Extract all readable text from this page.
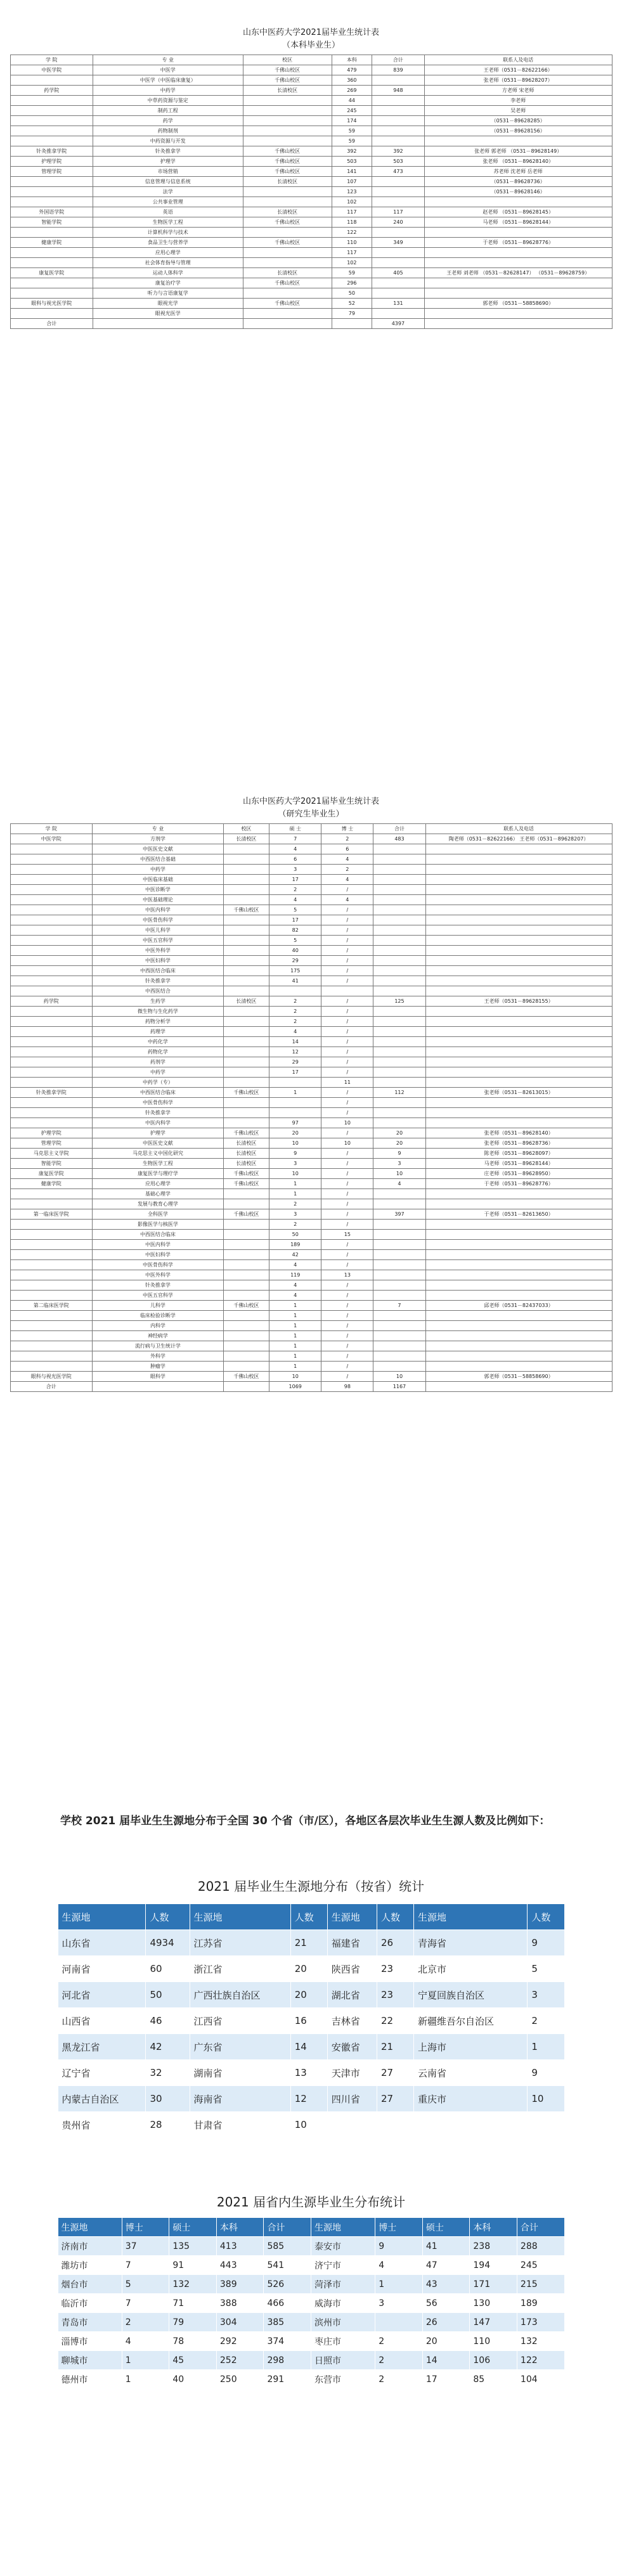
山东中医药大学2021届毕业生统计表
（本科毕业生）
学 院	专 业	校区	本科	合计	联系人及电话
中医学院	中医学	千佛山校区	479	839	王老师（0531－82622166）
	中医学（中医临床康复）	千佛山校区	360		张老师（0531－89628207）
药学院	中药学	长清校区	269	948	方老师 宋老师
	中草药资源与鉴定		44		李老师
	制药工程		245		吴老师
	药学		174		（0531－89628285）
	药物制剂		59		（0531－89628156）
	中药资源与开发		59		
针灸推拿学院	针灸推拿学	千佛山校区	392	392	张老师 郭老师 （0531－89628149）
护理学院	护理学	千佛山校区	503	503	张老师 （0531－89628140）
管理学院	市场营销	千佛山校区	141	473	苏老师 沈老师 岳老师
	信息管理与信息系统	长清校区	107		（0531－89628736）
	法学		123		（0531－89628146）
	公共事业管理		102		
外国语学院	英语	长清校区	117	117	赵老师 （0531－89628145）
智能学院	生物医学工程	千佛山校区	118	240	马老师 （0531－89628144）
	计算机科学与技术		122		
健康学院	食品卫生与营养学	千佛山校区	110	349	于老师 （0531－89628776）
	应用心理学		117		
	社会体育指导与管理		102		
康复医学院	运动人体科学	长清校区	59	405	王老师 刘老师 （0531－82628147） （0531－89628759）
	康复治疗学	千佛山校区	296		
	听力与言语康复学		50		
眼科与视光医学院	眼视光学	千佛山校区	52	131	郭老师 （0531－58858690）
	眼视光医学		79		
合计				4397	
山东中医药大学2021届毕业生统计表
（研究生毕业生）
学 院	专 业	校区	硕 士	博 士	合计	联系人及电话
中医学院	方剂学	长清校区	7	2	483	陶老师（0531－82622166） 王老师（0531－89628207）
	中医医史文献		4	6		
	中西医结合基础		6	4		
	中药学		3	2		
	中医临床基础		17	4		
	中医诊断学		2	/		
	中医基础理论		4	4		
	中医内科学	千佛山校区	5	/		
	中医骨伤科学		17	/		
	中医儿科学		82	/		
	中医五官科学		5	/		
	中医外科学		40	/		
	中医妇科学		29	/		
	中西医结合临床		175	/		
	针灸推拿学		41	/		
	中西医结合					
药学院	生药学	长清校区	2	/	125	王老师（0531－89628155）
	微生物与生化药学		2	/		
	药物分析学		2	/		
	药理学		4	/		
	中药化学		14	/		
	药物化学		12	/		
	药剂学		29	/		
	中药学		17	/		
	中药学（专）			11		
针灸推拿学院	中西医结合临床	千佛山校区	1	/	112	张老师（0531－82613015）
	中医骨伤科学			/		
	针灸推拿学			/		
	中医内科学		97	10		
护理学院	护理学	千佛山校区	20	/	20	张老师（0531－89628140）
管理学院	中医医史文献	长清校区	10	10	20	张老师（0531－89628736）
马克思主义学院	马克思主义中国化研究	长清校区	9	/	9	陈老师（0531－89628097）
智能学院	生物医学工程	长清校区	3	/	3	马老师（0531－89628144）
康复医学院	康复医学与理疗学	千佛山校区	10	/	10	庄老师（0531－89628950）
健康学院	应用心理学	千佛山校区	1	/	4	于老师（0531－89628776）
	基础心理学		1	/		
	发展与教育心理学		2	/		
第一临床医学院	全科医学	千佛山校区	3	/	397	于老师（0531－82613650）
	影像医学与核医学		2	/		
	中西医结合临床		50	15		
	中医内科学		189	/		
	中医妇科学		42	/		
	中医骨伤科学		4	/		
	中医外科学		119	13		
	针灸推拿学		4	/		
	中医五官科学		4	/		
第二临床医学院	儿科学	千佛山校区	1	/	7	邱老师（0531－82437033）
	临床检验诊断学		1	/		
	内科学		1	/		
	神经病学		1	/		
	流行病与卫生统计学		1	/		
	外科学		1	/		
	肿瘤学		1	/		
眼科与视光医学院	眼科学	千佛山校区	10	/	10	郭老师（0531－58858690）
合计			1069	98	1167	
学校 2021 届毕业生生源地分布于全国 30 个省（市/区），各地区各层次毕业生生源人数及比例如下：
2021 届毕业生生源地分布（按省）统计
生源地	人数	生源地	人数	生源地	人数	生源地	人数
山东省	4934	江苏省	21	福建省	26	青海省	9
河南省	60	浙江省	20	陕西省	23	北京市	5
河北省	50	广西壮族自治区	20	湖北省	23	宁夏回族自治区	3
山西省	46	江西省	16	吉林省	22	新疆维吾尔自治区	2
黑龙江省	42	广东省	14	安徽省	21	上海市	1
辽宁省	32	湖南省	13	天津市	27	云南省	9
内蒙古自治区	30	海南省	12	四川省	27	重庆市	10
贵州省	28	甘肃省	10				
2021 届省内生源毕业生分布统计
生源地	博士	硕士	本科	合计	生源地	博士	硕士	本科	合计
济南市	37	135	413	585	泰安市	9	41	238	288
潍坊市	7	91	443	541	济宁市	4	47	194	245
烟台市	5	132	389	526	菏泽市	1	43	171	215
临沂市	7	71	388	466	威海市	3	56	130	189
青岛市	2	79	304	385	滨州市		26	147	173
淄博市	4	78	292	374	枣庄市	2	20	110	132
聊城市	1	45	252	298	日照市	2	14	106	122
德州市	1	40	250	291	东营市	2	17	85	104
